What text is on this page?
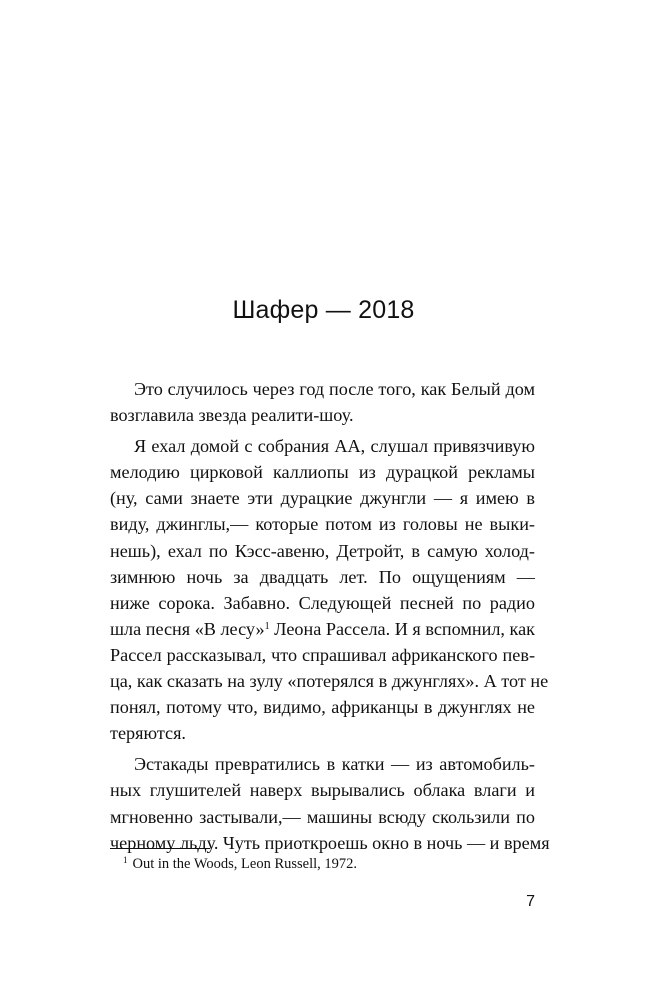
Шафер — 2018

Это случилось через год после того, как Белый дом
возглавила звезда реалити-шоу.

Я ехал домой с собрания АА, слушал привязчивую
мелодию цирковой каллиопы из дурацкой рекламы
(ну, сами знаете эти дурацкие джунгли — я имею в
виду, джинглы,— которые потом из головы не выки-
нешь), ехал по Кэсс-авеню, Детройт, в самую холод-
зимнюю ночь за двадцать лет. По ощущениям —
ниже сорока. Забавно. Следующей песней по радио
шла песня «В лесу»$^1$ Леона Рассела. И я вспомнил, как
Рассел рассказывал, что спрашивал африканского пев-
ца, как сказать на зулу «потерялся в джунглях». А тот не
понял, потому что, видимо, африканцы в джунглях не
теряются.

Эстакады превратились в катки — из автомобиль-
ных глушителей наверх вырывались облака влаги и
мгновенно застывали,— машины всюду скользили по
черному льду. Чуть приоткроешь окно в ночь — и время

$^1$ Out in the Woods, Leon Russell, 1972.
7
